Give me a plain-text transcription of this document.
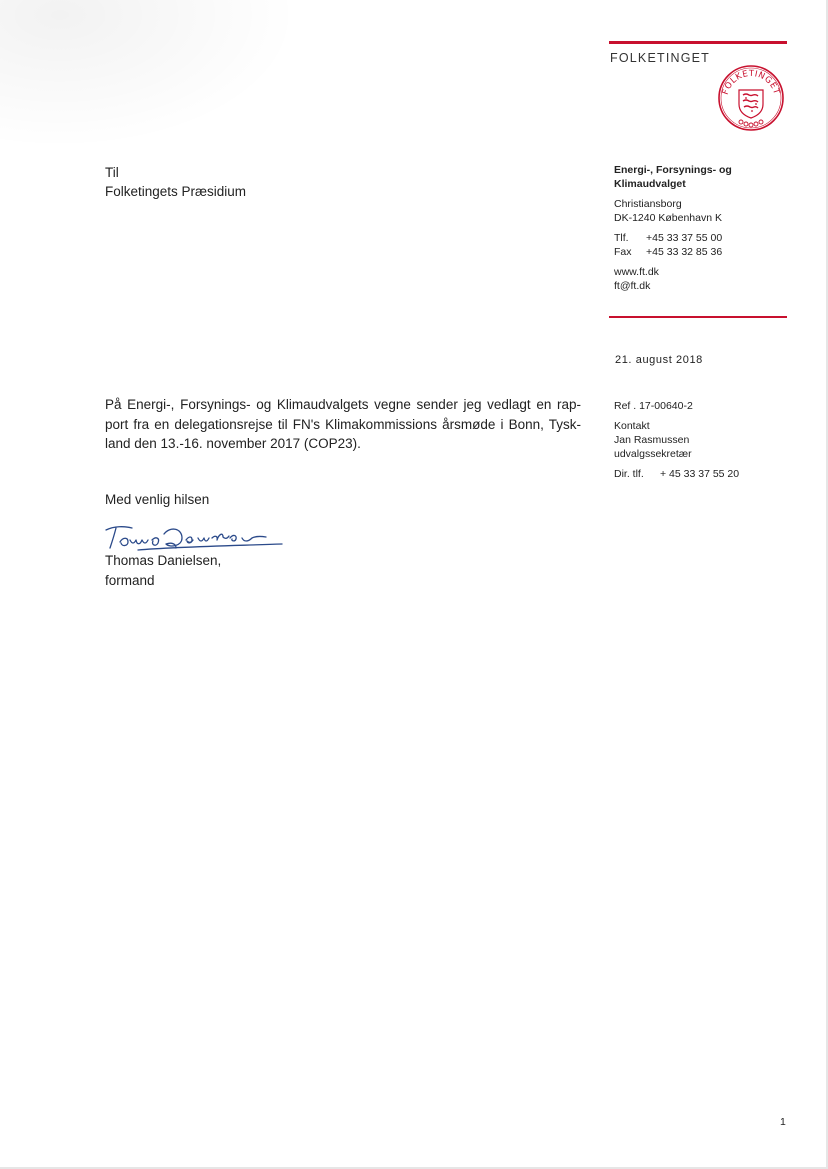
FOLKETINGET
FOLKETINGET
Til
Folketingets Præsidium
Energi-, Forsynings- og
Klimaudvalget
Christiansborg
DK-1240 København K
Tlf.	+45 33 37 55 00
Fax	+45 33 32 85 36
www.ft.dk
ft@ft.dk
21. august 2018
Ref . 17-00640-2
Kontakt
Jan Rasmussen
udvalgssekretær
Dir. tlf.	+ 45 33 37 55 20
På Energi-, Forsynings- og Klimaudvalgets vegne sender jeg vedlagt en rap-
port fra en delegationsrejse til FN's Klimakommissions årsmøde i Bonn, Tysk-
land den 13.-16. november 2017 (COP23).
Med venlig hilsen
Thomas Danielsen,
formand
1
